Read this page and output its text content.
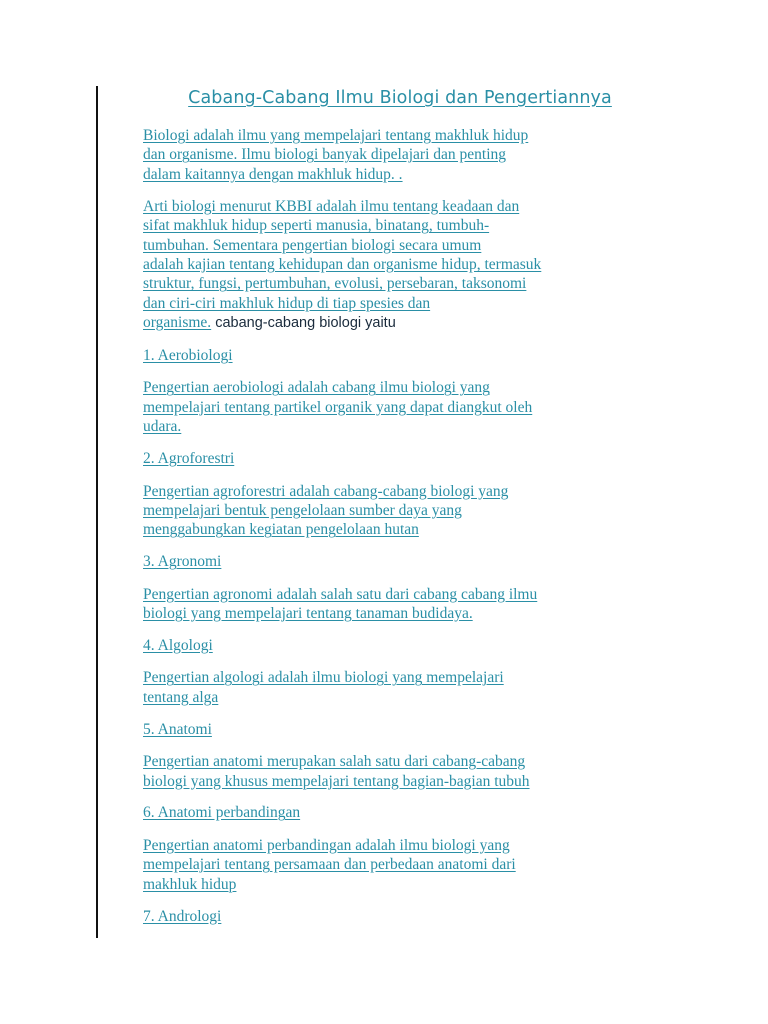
Cabang-Cabang Ilmu Biologi dan Pengertiannya

Biologi adalah ilmu yang mempelajari tentang makhluk hidup
dan organisme. Ilmu biologi banyak dipelajari dan penting
dalam kaitannya dengan makhluk hidup. .

Arti biologi menurut KBBI adalah ilmu tentang keadaan dan
sifat makhluk hidup seperti manusia, binatang, tumbuh-
tumbuhan. Sementara pengertian biologi secara umum
adalah kajian tentang kehidupan dan organisme hidup, termasuk
struktur, fungsi, pertumbuhan, evolusi, persebaran, taksonomi
dan ciri-ciri makhluk hidup di tiap spesies dan
organisme. cabang-cabang biologi yaitu

1. Aerobiologi

Pengertian aerobiologi adalah cabang ilmu biologi yang
mempelajari tentang partikel organik yang dapat diangkut oleh
udara.

2. Agroforestri

Pengertian agroforestri adalah cabang-cabang biologi yang
mempelajari bentuk pengelolaan sumber daya yang
menggabungkan kegiatan pengelolaan hutan

3. Agronomi

Pengertian agronomi adalah salah satu dari cabang cabang ilmu
biologi yang mempelajari tentang tanaman budidaya.

4. Algologi

Pengertian algologi adalah ilmu biologi yang mempelajari
tentang alga

5. Anatomi

Pengertian anatomi merupakan salah satu dari cabang-cabang
biologi yang khusus mempelajari tentang bagian-bagian tubuh

6. Anatomi perbandingan

Pengertian anatomi perbandingan adalah ilmu biologi yang
mempelajari tentang persamaan dan perbedaan anatomi dari
makhluk hidup

7. Andrologi
